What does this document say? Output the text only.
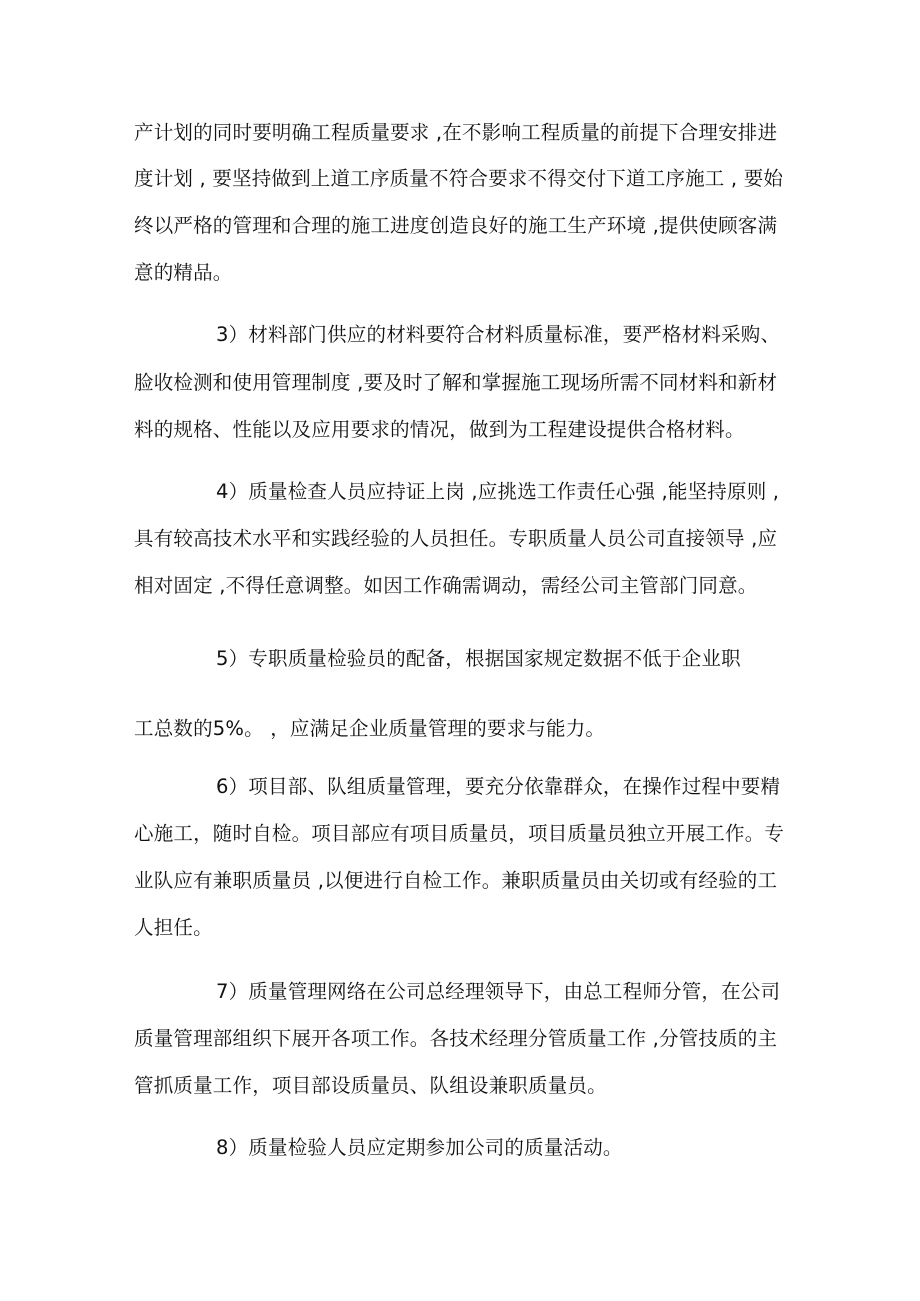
产计划的同时要明确工程质量要求 ,在不影响工程质量的前提下合理安排进
度计划 , 要坚持做到上道工序质量不符合要求不得交付下道工序施工 , 要始
终以严格的管理和合理的施工进度创造良好的施工生产环境 ,提供使顾客满
意的精品。
3）材料部门供应的材料要符合材料质量标准，要严格材料采购、
脸收检测和使用管理制度 ,要及时了解和掌握施工现场所需不同材料和新材
料的规格、性能以及应用要求的情况，做到为工程建设提供合格材料。
4）质量检查人员应持证上岗 ,应挑选工作责任心强 ,能坚持原则 ,
具有较高技术水平和实践经验的人员担任。专职质量人员公司直接领导 ,应
相对固定 ,不得任意调整。如因工作确需调动，需经公司主管部门同意。
5）专职质量检验员的配备，根据国家规定数据不低于企业职
工总数的5%。 ，应满足企业质量管理的要求与能力。
6）项目部、队组质量管理，要充分依靠群众，在操作过程中要精
心施工，随时自检。项目部应有项目质量员，项目质量员独立开展工作。专
业队应有兼职质量员 ,以便进行自检工作。兼职质量员由关切或有经验的工
人担任。
7）质量管理网络在公司总经理领导下，由总工程师分管，在公司
质量管理部组织下展开各项工作。各技术经理分管质量工作 ,分管技质的主
管抓质量工作，项目部设质量员、队组设兼职质量员。
8）质量检验人员应定期参加公司的质量活动。
